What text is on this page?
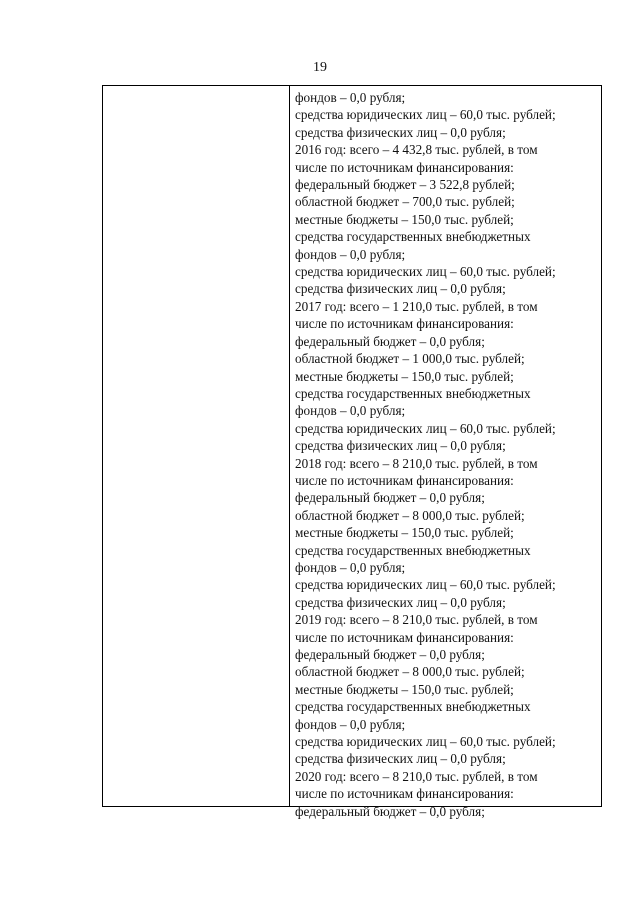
19
фондов – 0,0 рубля;
средства юридических лиц – 60,0 тыс. рублей;
средства физических лиц – 0,0 рубля;
2016 год: всего – 4 432,8 тыс. рублей, в том
числе по источникам финансирования:
федеральный бюджет – 3 522,8 рублей;
областной бюджет – 700,0 тыс. рублей;
местные бюджеты – 150,0 тыс. рублей;
средства государственных внебюджетных
фондов – 0,0 рубля;
средства юридических лиц – 60,0 тыс. рублей;
средства физических лиц – 0,0 рубля;
2017 год: всего – 1 210,0 тыс. рублей, в том
числе по источникам финансирования:
федеральный бюджет – 0,0 рубля;
областной бюджет – 1 000,0 тыс. рублей;
местные бюджеты – 150,0 тыс. рублей;
средства государственных внебюджетных
фондов – 0,0 рубля;
средства юридических лиц – 60,0 тыс. рублей;
средства физических лиц – 0,0 рубля;
2018 год: всего – 8 210,0 тыс. рублей, в том
числе по источникам финансирования:
федеральный бюджет – 0,0 рубля;
областной бюджет – 8 000,0 тыс. рублей;
местные бюджеты – 150,0 тыс. рублей;
средства государственных внебюджетных
фондов – 0,0 рубля;
средства юридических лиц – 60,0 тыс. рублей;
средства физических лиц – 0,0 рубля;
2019 год: всего – 8 210,0 тыс. рублей, в том
числе по источникам финансирования:
федеральный бюджет – 0,0 рубля;
областной бюджет – 8 000,0 тыс. рублей;
местные бюджеты – 150,0 тыс. рублей;
средства государственных внебюджетных
фондов – 0,0 рубля;
средства юридических лиц – 60,0 тыс. рублей;
средства физических лиц – 0,0 рубля;
2020 год: всего – 8 210,0 тыс. рублей, в том
числе по источникам финансирования:
федеральный бюджет – 0,0 рубля;
